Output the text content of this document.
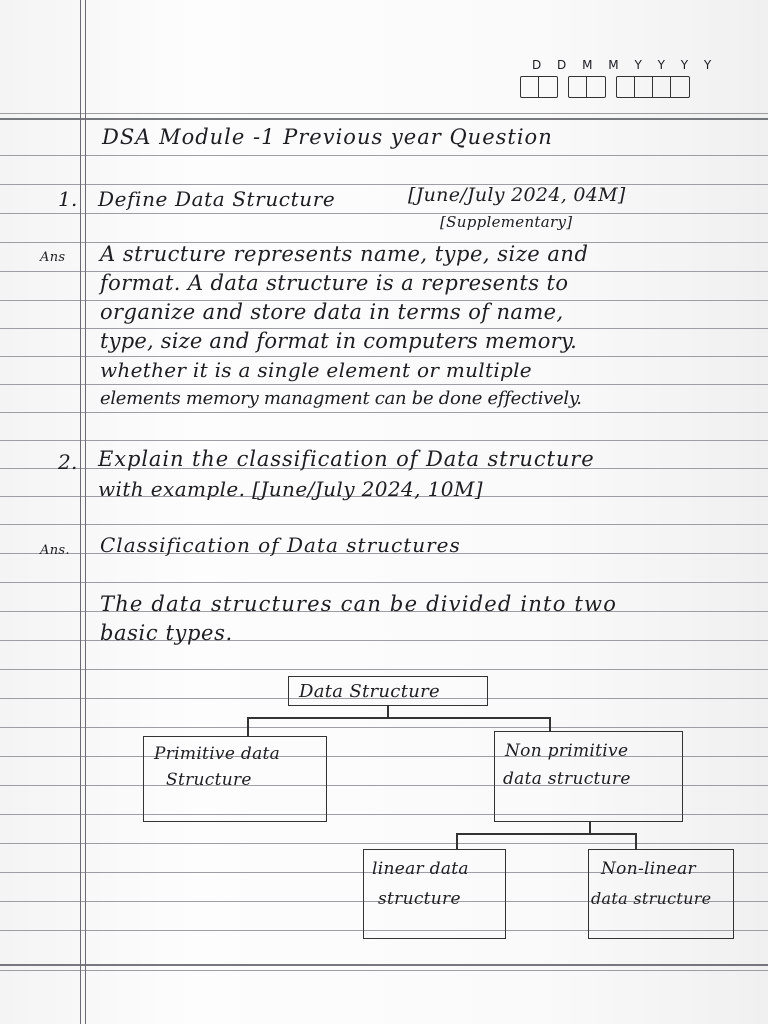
D D M M Y Y Y Y
DSA Module -1 Previous year Question
1. Define Data Structure	[June/July 2024, 04M]
[Supplementary]
Ans A structure represents name, type, size and
format. A data structure is a represents to
organize and store data in terms of name,
type, size and format in computers memory.
whether it is a single element or multiple
elements memory managment can be done effectively.
2. Explain the classification of Data structure
with example. [June/July 2024, 10M]
Ans. Classification of Data structures
The data structures can be divided into two
basic types.
Data Structure
Primitive data
Structure
Non primitive
data structure
linear data
structure
Non-linear
data structure
